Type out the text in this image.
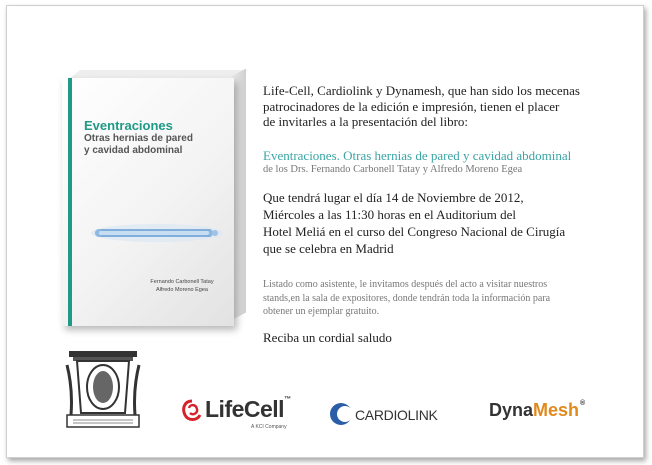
Eventraciones
Otras hernias de pared
y cavidad abdominal
Fernando Carbonell Tatay
Alfredo Moreno Egea
Life-Cell, Cardiolink y Dynamesh, que han sido los mecenas
patrocinadores de la edición e impresión, tienen el placer
de invitarles a la presentación del libro:
Eventraciones. Otras hernias de pared y cavidad abdominal
de los Drs. Fernando Carbonell Tatay y Alfredo Moreno Egea
Que tendrá lugar el día 14 de Noviembre de 2012,
Miércoles a las 11:30 horas en el Auditorium del
Hotel Meliá en el curso del Congreso Nacional de Cirugía
que se celebra en Madrid
Listado como asistente, le invitamos después del acto a visitar nuestros
stands,en la sala de expositores, donde tendrán toda la información para
obtener un ejemplar gratuito.
Reciba un cordial saludo
LifeCell™
A KCI Company
CARDIOLINK	DynaMesh®
